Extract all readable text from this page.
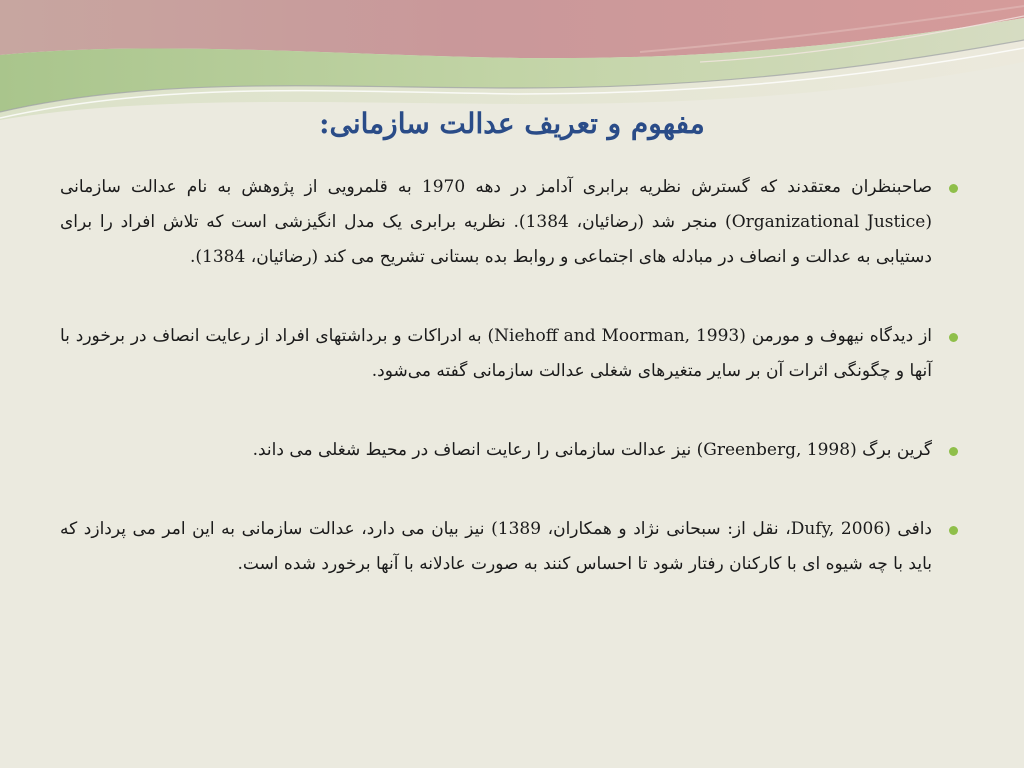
مفهوم و تعریف عدالت سازمانی:
صاحبنظران معتقدند که گسترش نظریه برابری آدامز در دهه 1970 به قلمرویی از پژوهش به نام عدالت سازمانی (Organizational Justice) منجر شد (رضائیان، 1384). نظریه برابری یک مدل انگیزشی است که تلاش افراد را برای دستیابی به عدالت و انصاف در مبادله های اجتماعی و روابط بده بستانی تشریح می کند (رضائیان، 1384).
از دیدگاه نیهوف و مورمن (Niehoff and Moorman, 1993) به ادراکات و برداشتهای افراد از رعایت انصاف در برخورد با آنها و چگونگی اثرات آن بر سایر متغیرهای شغلی عدالت سازمانی گفته می‌شود.
گرین برگ (Greenberg, 1998) نیز عدالت سازمانی را رعایت انصاف در محیط شغلی می داند.
دافی (Dufy, 2006، نقل از: سبحانی نژاد و همکاران، 1389) نیز بیان می دارد، عدالت سازمانی به این امر می پردازد که باید با چه شیوه ای با کارکنان رفتار شود تا احساس کنند به صورت عادلانه با آنها برخورد شده است.
